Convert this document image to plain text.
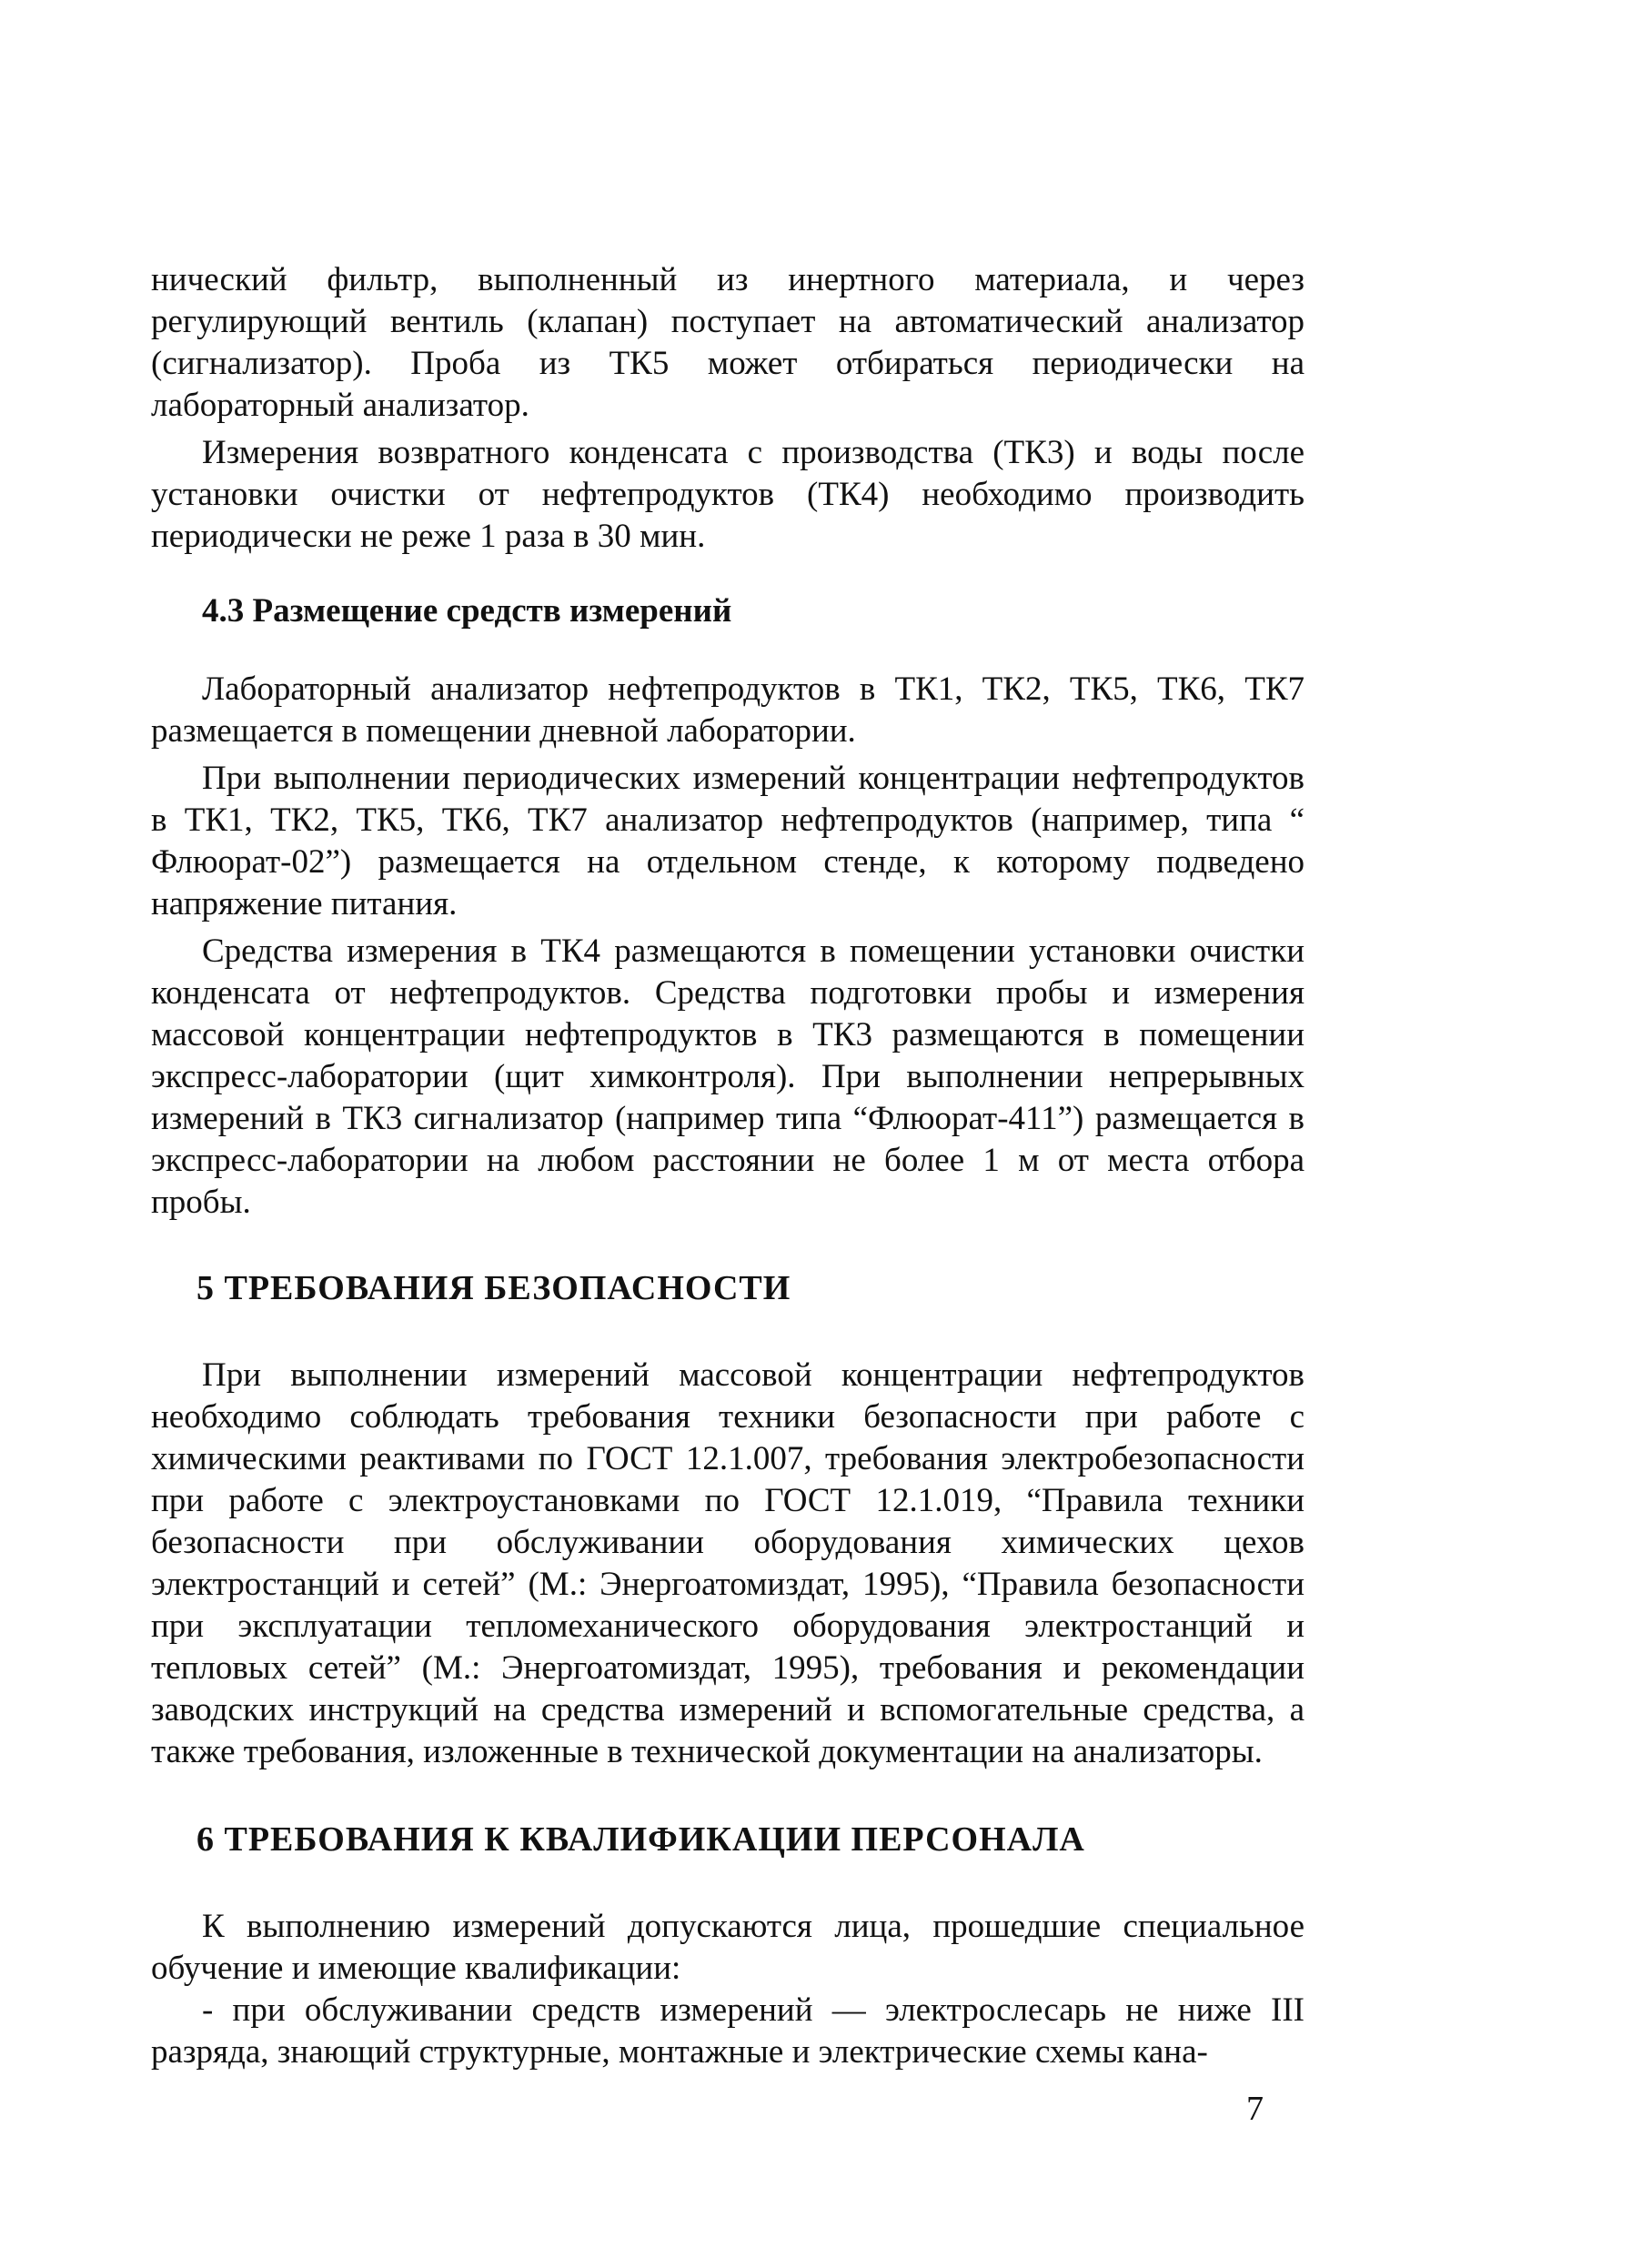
нический фильтр, выполненный из инертного материала, и через регулирующий вентиль (клапан) поступает на автоматический анализатор (сигнализатор). Проба из ТК5 может отбираться периодически на лабораторный анализатор.

Измерения возвратного конденсата с производства (ТК3) и воды после установки очистки от нефтепродуктов (ТК4) необходимо производить периодически не реже 1 раза в 30 мин.

4.3 Размещение средств измерений

Лабораторный анализатор нефтепродуктов в ТК1, ТК2, ТК5, ТК6, ТК7 размещается в помещении дневной лаборатории.

При выполнении периодических измерений концентрации нефтепродуктов в ТК1, ТК2, ТК5, ТК6, ТК7 анализатор нефтепродуктов (например, типа “ Флюорат-02”) размещается на отдельном стенде, к которому подведено напряжение питания.

Средства измерения в ТК4 размещаются в помещении установки очистки конденсата от нефтепродуктов. Средства подготовки пробы и измерения массовой концентрации нефтепродуктов в ТК3 размещаются в помещении экспресс-лаборатории (щит химконтроля). При выполнении непрерывных измерений в ТК3 сигнализатор (например типа “Флюорат-411”) размещается в экспресс-лаборатории на любом расстоянии не более 1 м от места отбора пробы.

5 ТРЕБОВАНИЯ БЕЗОПАСНОСТИ

При выполнении измерений массовой концентрации нефтепродуктов необходимо соблюдать требования техники безопасности при работе с химическими реактивами по ГОСТ 12.1.007, требования электробезопасности при работе с электроустановками по ГОСТ 12.1.019, “Правила техники безопасности при обслуживании оборудования химических цехов электростанций и сетей” (М.: Энергоатомиздат, 1995), “Правила безопасности при эксплуатации тепломеханического оборудования электростанций и тепловых сетей” (М.: Энергоатомиздат, 1995), требования и рекомендации заводских инструкций на средства измерений и вспомогательные средства, а также требования, изложенные в технической документации на анализаторы.

6 ТРЕБОВАНИЯ К КВАЛИФИКАЦИИ ПЕРСОНАЛА

К выполнению измерений допускаются лица, прошедшие специальное обучение и имеющие квалификации:

- при обслуживании средств измерений — электрослесарь не ниже III разряда, знающий структурные, монтажные и электрические схемы кана-

7
